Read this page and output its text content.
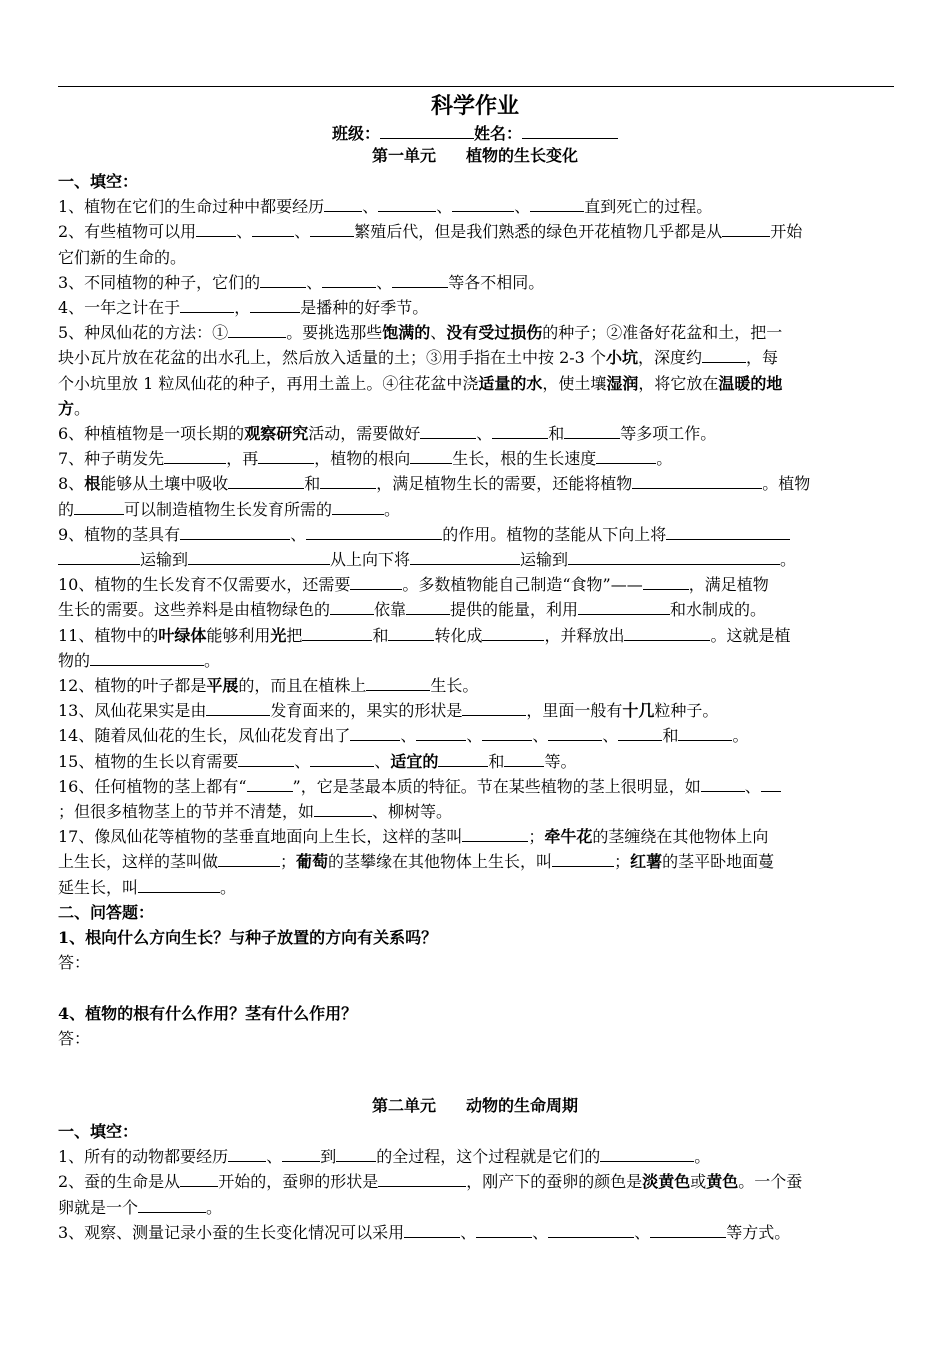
科学作业
班级：	姓名：
第一单元 植物的生长变化
一、填空：
1、植物在它们的生命过种中都要经历 、	、	、	直到死亡的过程。
2、有些植物可以用	、	、	繁殖后代，但是我们熟悉的绿色开花植物几乎都是从	开始
它们新的生命的。
3、不同植物的种子，它们的	、	、	等各不相同。
4、一年之计在于	，	是播种的好季节。
5、种凤仙花的方法：①	。要挑选那些饱满的、没有受过损伤的种子；②准备好花盆和土，把一
块小瓦片放在花盆的出水孔上，然后放入适量的土；③用手指在土中按 2-3 个小坑，深度约	，每
个小坑里放 1 粒凤仙花的种子，再用土盖上。④往花盆中浇适量的水，使土壤湿润，将它放在温暖的地
方。
6、种植植物是一项长期的观察研究活动，需要做好	、	和	等多项工作。
7、种子萌发先	，再	，植物的根向	生长，根的生长速度	。
8、根能够从土壤中吸收	和	，满足植物生长的需要，还能将植物	。植物
的	可以制造植物生长发育所需的	。
9、植物的茎具有	、	的作用。植物的茎能从下向上将
运输到	从上向下将	运输到	。
10、植物的生长发育不仅需要水，还需要	。多数植物能自己制造“食物”——	，满足植物
生长的需要。这些养料是由植物绿色的	依靠	提供的能量，利用	和水制成的。
11、植物中的叶绿体能够利用光把	和	转化成	，并释放出	。这就是植
物的	。
12、植物的叶子都是平展的，而且在植株上	生长。
13、凤仙花果实是由	发育面来的，果实的形状是	，里面一般有十几粒种子。
14、随着凤仙花的生长，凤仙花发育出了	、	、	、	、	和	。
15、植物的生长以育需要	、	、适宜的	和	等。
16、任何植物的茎上都有“	”，它是茎最本质的特征。节在某些植物的茎上很明显，如	、
；但很多植物茎上的节并不清楚，如	、柳树等。
17、像凤仙花等植物的茎垂直地面向上生长，这样的茎叫	；牵牛花的茎缠绕在其他物体上向
上生长，这样的茎叫做	；葡萄的茎攀缘在其他物体上生长，叫	；红薯的茎平卧地面蔓
延生长，叫	。
二、问答题：
1、根向什么方向生长？与种子放置的方向有关系吗？
答：
4、植物的根有什么作用？茎有什么作用？
答：
第二单元 动物的生命周期
一、填空：
1、所有的动物都要经历 、 到	的全过程，这个过程就是它们的	。
2、蚕的生命是从 开始的，蚕卵的形状是	，刚产下的蚕卵的颜色是淡黄色或黄色。一个蚕
卵就是一个	。
3、观察、测量记录小蚕的生长变化情况可以采用	、	、	、	等方式。
